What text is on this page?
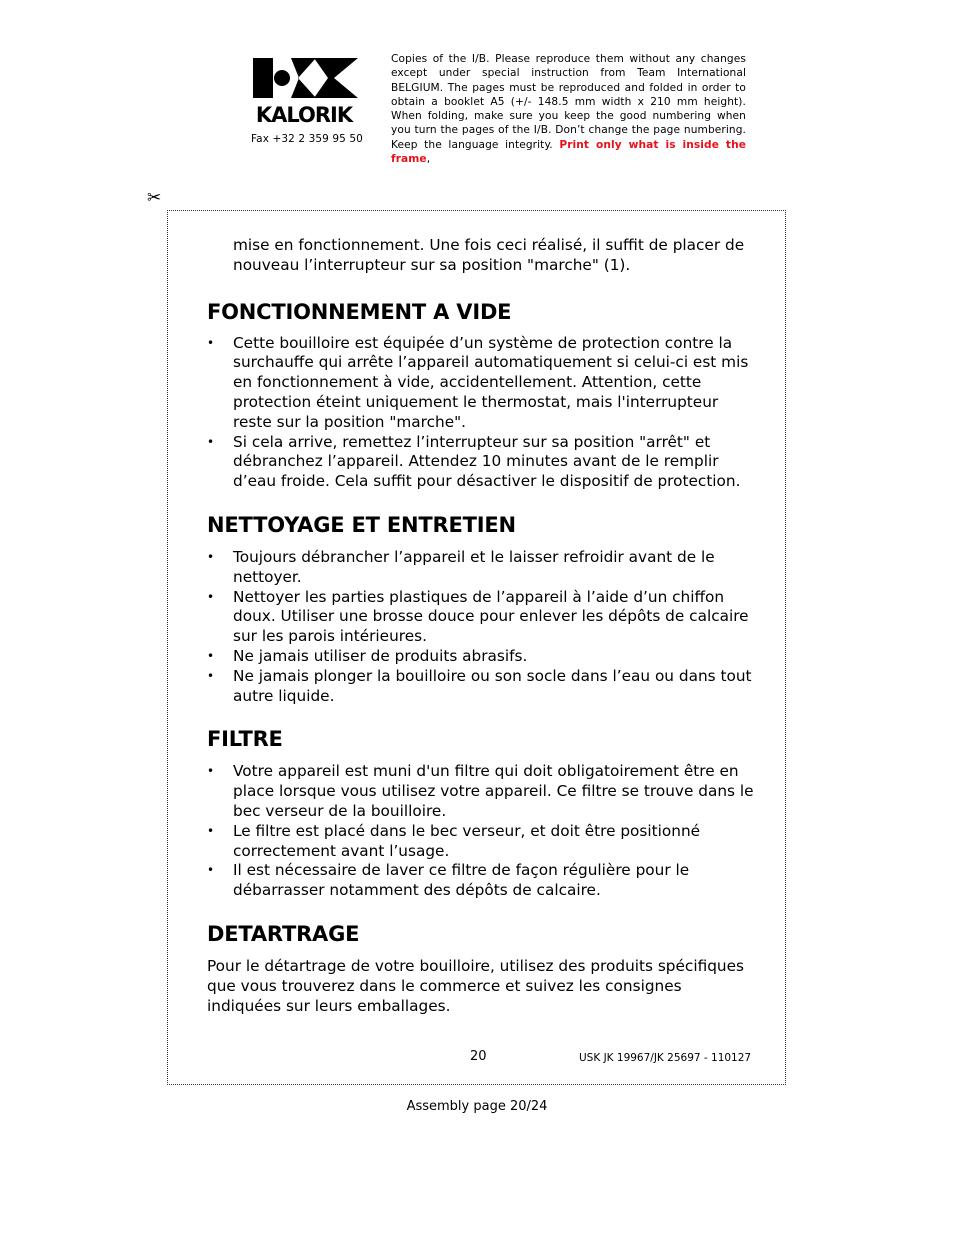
KALORIK
Fax +32 2 359 95 50
Copies of the I/B. Please reproduce them without any changes except under special instruction from Team International BELGIUM. The pages must be reproduced and folded in order to obtain a booklet A5 (+/- 148.5 mm width x 210 mm height). When folding, make sure you keep the good numbering when you turn the pages of the I/B. Don’t change the page numbering. Keep the language integrity. Print only what is inside the frame,
✂

mise en fonctionnement. Une fois ceci réalisé, il suffit de placer de nouveau l’interrupteur sur sa position "marche" (1).

FONCTIONNEMENT A VIDE
• Cette bouilloire est équipée d’un système de protection contre la surchauffe qui arrête l’appareil automatiquement si celui-ci est mis en fonctionnement à vide, accidentellement. Attention, cette protection éteint uniquement le thermostat, mais l'interrupteur reste sur la position "marche".
• Si cela arrive, remettez l’interrupteur sur sa position "arrêt" et débranchez l’appareil. Attendez 10 minutes avant de le remplir d’eau froide. Cela suffit pour désactiver le dispositif de protection.
NETTOYAGE ET ENTRETIEN
• Toujours débrancher l’appareil et le laisser refroidir avant de le nettoyer.
• Nettoyer les parties plastiques de l’appareil à l’aide d’un chiffon doux. Utiliser une brosse douce pour enlever les dépôts de calcaire sur les parois intérieures.
• Ne jamais utiliser de produits abrasifs.
• Ne jamais plonger la bouilloire ou son socle dans l’eau ou dans tout autre liquide.
FILTRE
• Votre appareil est muni d'un filtre qui doit obligatoirement être en place lorsque vous utilisez votre appareil. Ce filtre se trouve dans le bec verseur de la bouilloire.
• Le filtre est placé dans le bec verseur, et doit être positionné correctement avant l’usage.
• Il est nécessaire de laver ce filtre de façon régulière pour le débarrasser notamment des dépôts de calcaire.
DETARTRAGE

Pour le détartrage de votre bouilloire, utilisez des produits spécifiques que vous trouverez dans le commerce et suivez les consignes indiquées sur leurs emballages.

20	USK JK 19967/JK 25697 - 110127
Assembly page 20/24
